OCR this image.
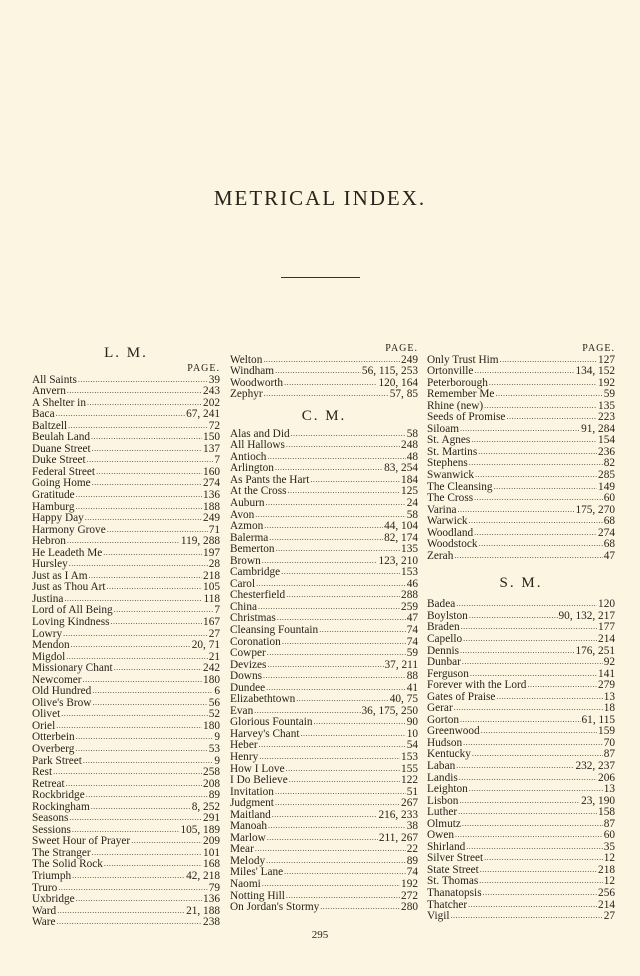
METRICAL INDEX.
L. M.
PAGE.
All Saints .....	39
Anvern .....	243
A Shelter in .....	202
Baca .....	67, 241
Baltzell .....	72
Beulah Land .....	150
Duane Street .....	137
Duke Street .....	7
Federal Street .....	160
Going Home .....	274
Gratitude .....	136
Hamburg .....	188
Happy Day .....	249
Harmony Grove .....	71
Hebron .....	119, 288
He Leadeth Me .....	197
Hursley .....	28
Just as I Am .....	218
Just as Thou Art .....	105
Justina .....	118
Lord of All Being .....	7
Loving Kindness .....	167
Lowry .....	27
Mendon .....	20, 71
Migdol .....	21
Missionary Chant .....	242
Newcomer .....	180
Old Hundred .....	6
Olive's Brow .....	56
Olivet .....	52
Oriel .....	180
Otterbein .....	9
Overberg .....	53
Park Street .....	9
Rest .....	258
Retreat .....	208
Rockbridge .....	89
Rockingham .....	8, 252
Seasons .....	291
Sessions .....	105, 189
Sweet Hour of Prayer .....	209
The Stranger .....	101
The Solid Rock .....	168
Triumph .....	42, 218
Truro .....	79
Uxbridge .....	136
Ward .....	21, 188
Ware .....	238
PAGE.
Welton .....	249
Windham .....	56, 115, 253
Woodworth .....	120, 164
Zephyr .....	57, 85
C. M.
Alas and Did .....	58
All Hallows .....	248
Antioch .....	48
Arlington .....	83, 254
As Pants the Hart .....	184
At the Cross .....	125
Auburn .....	24
Avon .....	58
Azmon .....	44, 104
Balerma .....	82, 174
Bemerton .....	135
Brown .....	123, 210
Cambridge .....	153
Carol .....	46
Chesterfield .....	288
China .....	259
Christmas .....	47
Cleansing Fountain .....	74
Coronation .....	74
Cowper .....	59
Devizes .....	37, 211
Downs .....	88
Dundee .....	41
Elizabethtown .....	40, 75
Evan .....	36, 175, 250
Glorious Fountain .....	90
Harvey's Chant .....	10
Heber .....	54
Henry .....	153
How I Love .....	155
I Do Believe .....	122
Invitation .....	51
Judgment .....	267
Maitland .....	216, 233
Manoah .....	38
Marlow .....	211, 267
Mear .....	22
Melody .....	89
Miles' Lane .....	74
Naomi .....	192
Notting Hill .....	272
On Jordan's Stormy .....	280
PAGE.
Only Trust Him .....	127
Ortonville .....	134, 152
Peterborough .....	192
Remember Me .....	59
Rhine (new) .....	135
Seeds of Promise .....	223
Siloam .....	91, 284
St. Agnes .....	154
St. Martins .....	236
Stephens .....	82
Swanwick .....	285
The Cleansing .....	149
The Cross .....	60
Varina .....	175, 270
Warwick .....	68
Woodland .....	274
Woodstock .....	68
Zerah .....	47
S. M.
Badea .....	120
Boylston .....	90, 132, 217
Braden .....	177
Capello .....	214
Dennis .....	176, 251
Dunbar .....	92
Ferguson .....	141
Forever with the Lord .....	279
Gates of Praise .....	13
Gerar .....	18
Gorton .....	61, 115
Greenwood .....	159
Hudson .....	70
Kentucky .....	87
Laban .....	232, 237
Landis .....	206
Leighton .....	13
Lisbon .....	23, 190
Luther .....	158
Olmutz .....	87
Owen .....	60
Shirland .....	35
Silver Street .....	12
State Street .....	218
St. Thomas .....	12
Thanatopsis .....	256
Thatcher .....	214
Vigil .....	27
295
